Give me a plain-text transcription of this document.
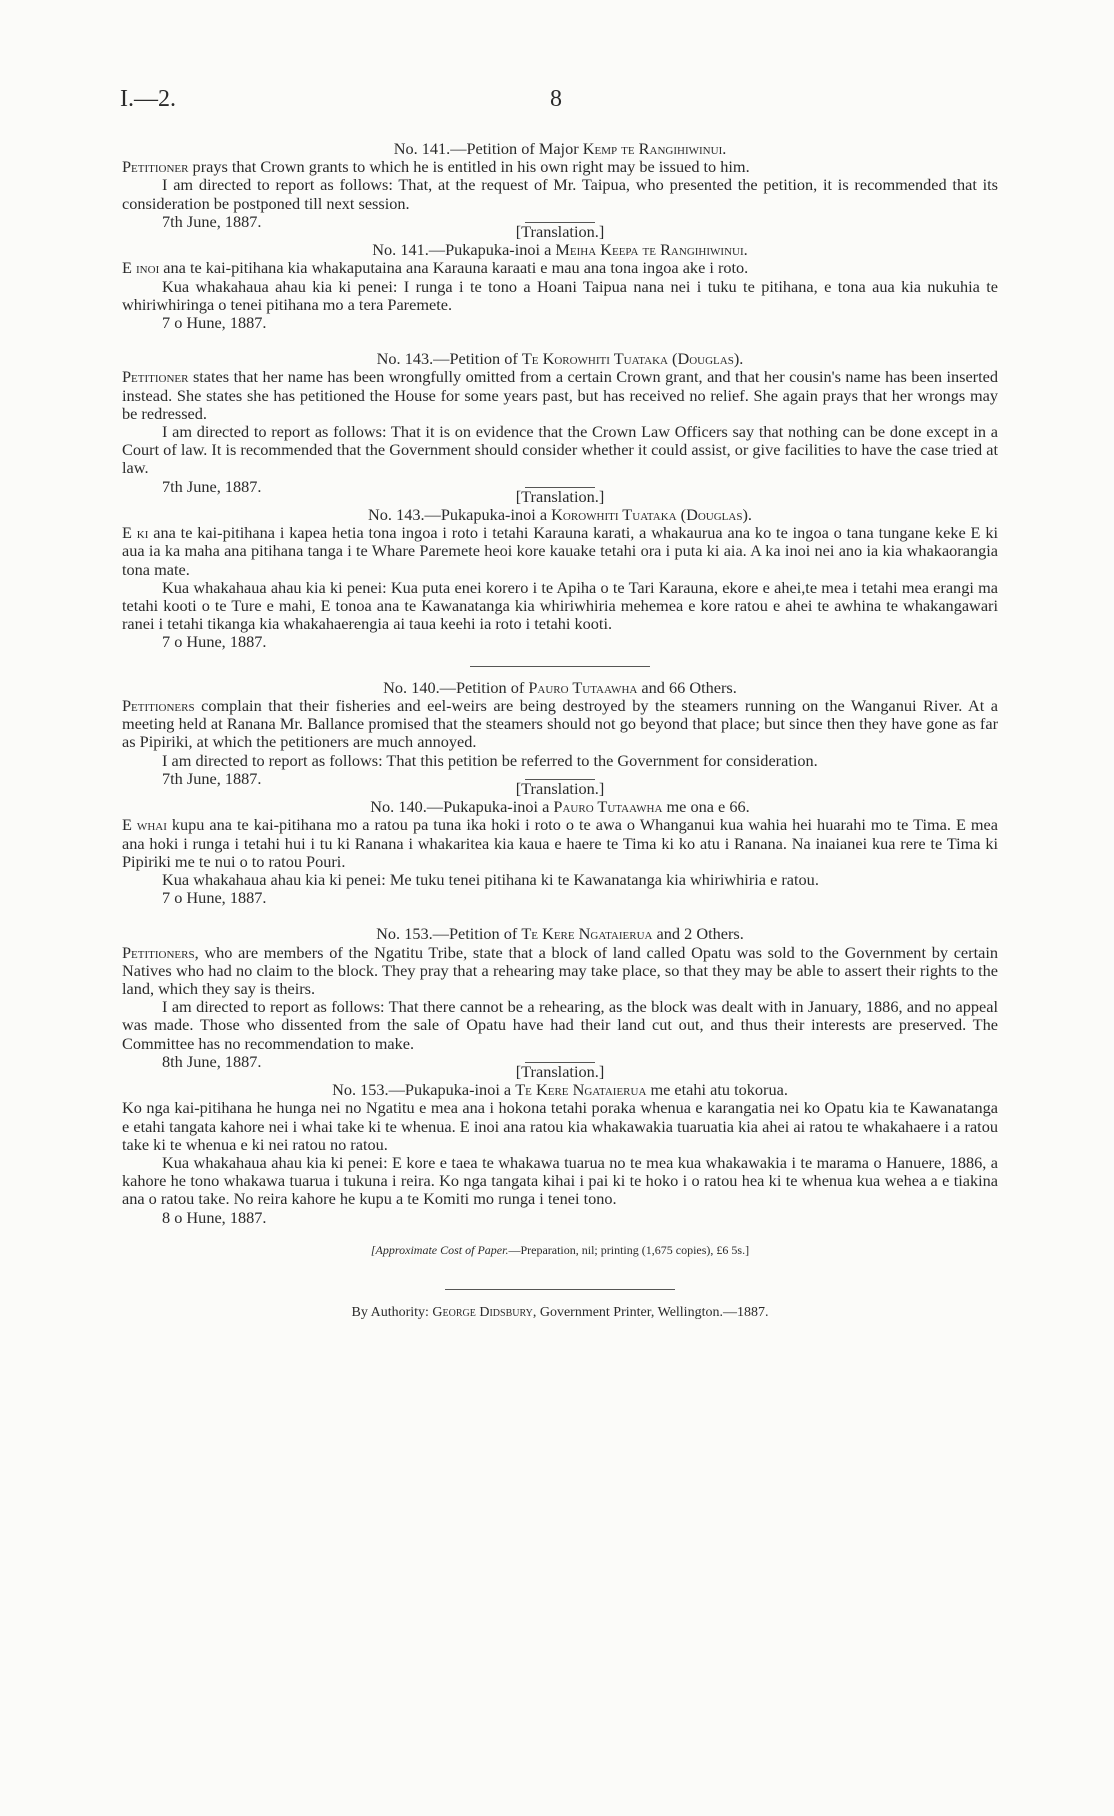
I.—2.	8

No. 141.—Petition of Major Kemp te Rangihiwinui.

Petitioner prays that Crown grants to which he is entitled in his own right may be issued to him.

I am directed to report as follows: That, at the request of Mr. Taipua, who presented the petition, it is recommended that its consideration be postponed till next session.

7th June, 1887.

[Translation.]

No. 141.—Pukapuka-inoi a Meiha Keepa te Rangihiwinui.

E inoi ana te kai-pitihana kia whakaputaina ana Karauna karaati e mau ana tona ingoa ake i roto.

Kua whakahaua ahau kia ki penei: I runga i te tono a Hoani Taipua nana nei i tuku te pitihana, e tona aua kia nukuhia te whiriwhiringa o tenei pitihana mo a tera Paremete.

7 o Hune, 1887.

No. 143.—Petition of Te Korowhiti Tuataka (Douglas).

Petitioner states that her name has been wrongfully omitted from a certain Crown grant, and that her cousin's name has been inserted instead. She states she has petitioned the House for some years past, but has received no relief. She again prays that her wrongs may be redressed.

I am directed to report as follows: That it is on evidence that the Crown Law Officers say that nothing can be done except in a Court of law. It is recommended that the Government should consider whether it could assist, or give facilities to have the case tried at law.

7th June, 1887.

[Translation.]

No. 143.—Pukapuka-inoi a Korowhiti Tuataka (Douglas).

E ki ana te kai-pitihana i kapea hetia tona ingoa i roto i tetahi Karauna karati, a whakaurua ana ko te ingoa o tana tungane keke E ki aua ia ka maha ana pitihana tanga i te Whare Paremete heoi kore kauake tetahi ora i puta ki aia. A ka inoi nei ano ia kia whakaorangia tona mate.

Kua whakahaua ahau kia ki penei: Kua puta enei korero i te Apiha o te Tari Karauna, ekore e ahei,te mea i tetahi mea erangi ma tetahi kooti o te Ture e mahi, E tonoa ana te Kawanatanga kia whiriwhiria mehemea e kore ratou e ahei te awhina te whakangawari ranei i tetahi tikanga kia whakahaerengia ai taua keehi ia roto i tetahi kooti.

7 o Hune, 1887.

No. 140.—Petition of Pauro Tutaawha and 66 Others.

Petitioners complain that their fisheries and eel-weirs are being destroyed by the steamers running on the Wanganui River. At a meeting held at Ranana Mr. Ballance promised that the steamers should not go beyond that place; but since then they have gone as far as Pipiriki, at which the petitioners are much annoyed.

I am directed to report as follows: That this petition be referred to the Government for consideration.

7th June, 1887.

[Translation.]

No. 140.—Pukapuka-inoi a Pauro Tutaawha me ona e 66.

E whai kupu ana te kai-pitihana mo a ratou pa tuna ika hoki i roto o te awa o Whanganui kua wahia hei huarahi mo te Tima. E mea ana hoki i runga i tetahi hui i tu ki Ranana i whakaritea kia kaua e haere te Tima ki ko atu i Ranana. Na inaianei kua rere te Tima ki Pipiriki me te nui o to ratou Pouri.

Kua whakahaua ahau kia ki penei: Me tuku tenei pitihana ki te Kawanatanga kia whiriwhiria e ratou.

7 o Hune, 1887.

No. 153.—Petition of Te Kere Ngataierua and 2 Others.

Petitioners, who are members of the Ngatitu Tribe, state that a block of land called Opatu was sold to the Government by certain Natives who had no claim to the block. They pray that a rehearing may take place, so that they may be able to assert their rights to the land, which they say is theirs.

I am directed to report as follows: That there cannot be a rehearing, as the block was dealt with in January, 1886, and no appeal was made. Those who dissented from the sale of Opatu have had their land cut out, and thus their interests are preserved. The Committee has no recommendation to make.

8th June, 1887.

[Translation.]

No. 153.—Pukapuka-inoi a Te Kere Ngataierua me etahi atu tokorua.

Ko nga kai-pitihana he hunga nei no Ngatitu e mea ana i hokona tetahi poraka whenua e karangatia nei ko Opatu kia te Kawanatanga e etahi tangata kahore nei i whai take ki te whenua. E inoi ana ratou kia whakawakia tuaruatia kia ahei ai ratou te whakahaere i a ratou take ki te whenua e ki nei ratou no ratou.

Kua whakahaua ahau kia ki penei: E kore e taea te whakawa tuarua no te mea kua whakawakia i te marama o Hanuere, 1886, a kahore he tono whakawa tuarua i tukuna i reira. Ko nga tangata kihai i pai ki te hoko i o ratou hea ki te whenua kua wehea a e tiakina ana o ratou take. No reira kahore he kupu a te Komiti mo runga i tenei tono.

8 o Hune, 1887.

[Approximate Cost of Paper.—Preparation, nil; printing (1,675 copies), £6 5s.]

By Authority: George Didsbury, Government Printer, Wellington.—1887.
